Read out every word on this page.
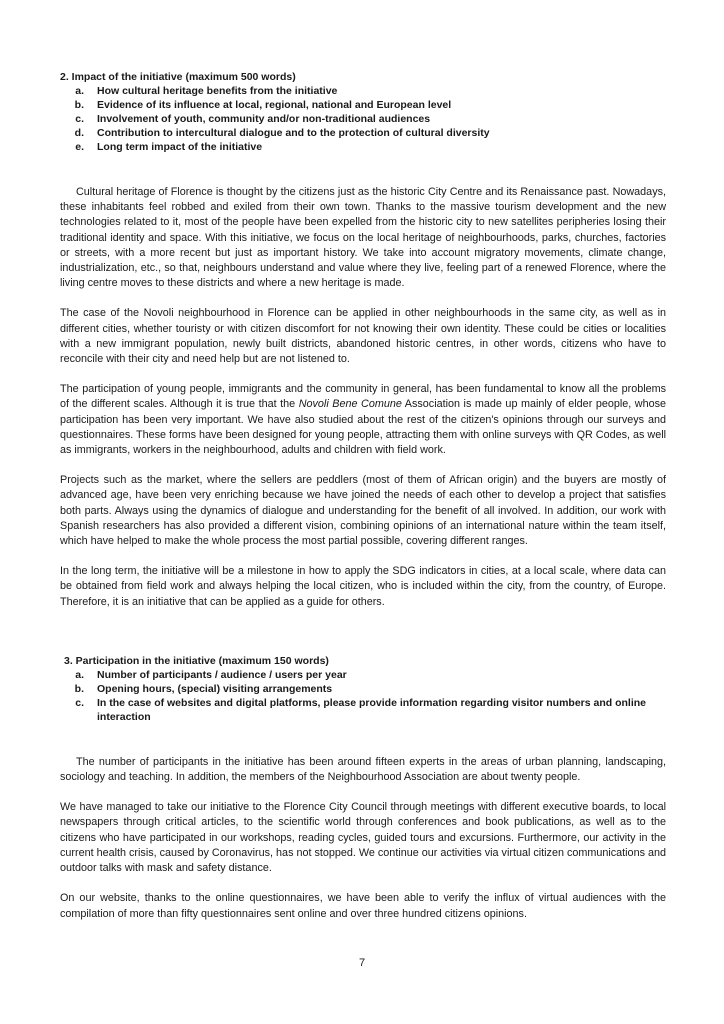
2. Impact of the initiative (maximum 500 words)
a.	How cultural heritage benefits from the initiative
b.	Evidence of its influence at local, regional, national and European level
c.	Involvement of youth, community and/or non-traditional audiences
d.	Contribution to intercultural dialogue and to the protection of cultural diversity
e.	Long term impact of the initiative

Cultural heritage of Florence is thought by the citizens just as the historic City Centre and its Renaissance past. Nowadays, these inhabitants feel robbed and exiled from their own town. Thanks to the massive tourism development and the new technologies related to it, most of the people have been expelled from the historic city to new satellites peripheries losing their traditional identity and space. With this initiative, we focus on the local heritage of neighbourhoods, parks, churches, factories or streets, with a more recent but just as important history. We take into account migratory movements, climate change, industrialization, etc., so that, neighbours understand and value where they live, feeling part of a renewed Florence, where the living centre moves to these districts and where a new heritage is made.

The case of the Novoli neighbourhood in Florence can be applied in other neighbourhoods in the same city, as well as in different cities, whether touristy or with citizen discomfort for not knowing their own identity. These could be cities or localities with a new immigrant population, newly built districts, abandoned historic centres, in other words, citizens who have to reconcile with their city and need help but are not listened to.

The participation of young people, immigrants and the community in general, has been fundamental to know all the problems of the different scales. Although it is true that the Novoli Bene Comune Association is made up mainly of elder people, whose participation has been very important. We have also studied about the rest of the citizen's opinions through our surveys and questionnaires. These forms have been designed for young people, attracting them with online surveys with QR Codes, as well as immigrants, workers in the neighbourhood, adults and children with field work.

Projects such as the market, where the sellers are peddlers (most of them of African origin) and the buyers are mostly of advanced age, have been very enriching because we have joined the needs of each other to develop a project that satisfies both parts. Always using the dynamics of dialogue and understanding for the benefit of all involved. In addition, our work with Spanish researchers has also provided a different vision, combining opinions of an international nature within the team itself, which have helped to make the whole process the most partial possible, covering different ranges.

In the long term, the initiative will be a milestone in how to apply the SDG indicators in cities, at a local scale, where data can be obtained from field work and always helping the local citizen, who is included within the city, from the country, of Europe. Therefore, it is an initiative that can be applied as a guide for others.

3. Participation in the initiative (maximum 150 words)
a.	Number of participants / audience / users per year
b.	Opening hours, (special) visiting arrangements
c.	In the case of websites and digital platforms, please provide information regarding visitor numbers and online interaction

The number of participants in the initiative has been around fifteen experts in the areas of urban planning, landscaping, sociology and teaching. In addition, the members of the Neighbourhood Association are about twenty people.

We have managed to take our initiative to the Florence City Council through meetings with different executive boards, to local newspapers through critical articles, to the scientific world through conferences and book publications, as well as to the citizens who have participated in our workshops, reading cycles, guided tours and excursions. Furthermore, our activity in the current health crisis, caused by Coronavirus, has not stopped. We continue our activities via virtual citizen communications and outdoor talks with mask and safety distance.

On our website, thanks to the online questionnaires, we have been able to verify the influx of virtual audiences with the compilation of more than fifty questionnaires sent online and over three hundred citizens opinions.

7
